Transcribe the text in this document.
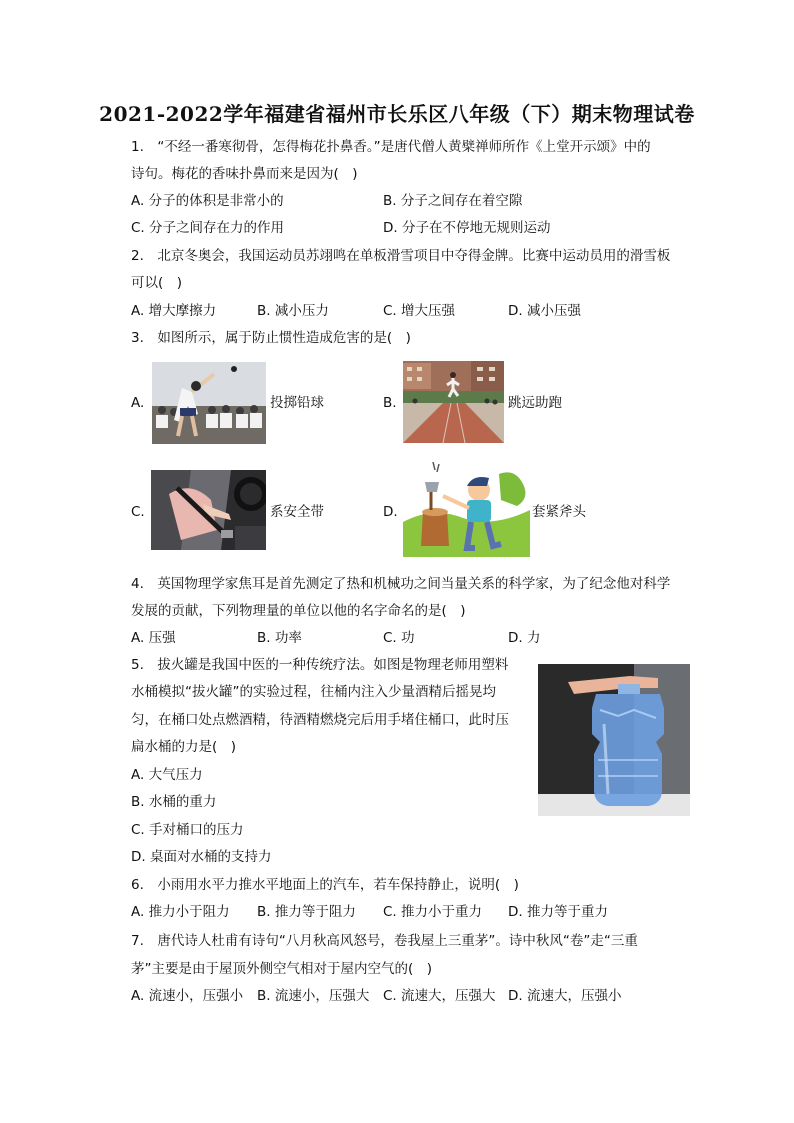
2021-2022学年福建省福州市长乐区八年级（下）期末物理试卷
1.　“不经一番寒彻骨，怎得梅花扑鼻香。”是唐代僧人黄檗禅师所作《上堂开示颂》中的
诗句。梅花的香味扑鼻而来是因为(　)
A. 分子的体积是非常小的	B. 分子之间存在着空隙
C. 分子之间存在力的作用	D. 分子在不停地无规则运动
2.　北京冬奥会，我国运动员苏翊鸣在单板滑雪项目中夺得金牌。比赛中运动员用的滑雪板
可以(　)
A. 增大摩擦力	B. 减小压力	C. 增大压强	D. 减小压强
3.　如图所示，属于防止惯性造成危害的是(　)
A.	投掷铅球	B.	跳远助跑
C.	系安全带	D.	套紧斧头
4.　英国物理学家焦耳是首先测定了热和机械功之间当量关系的科学家，为了纪念他对科学
发展的贡献，下列物理量的单位以他的名字命名的是(　)
A. 压强	B. 功率	C. 功	D. 力
5.　拔火罐是我国中医的一种传统疗法。如图是物理老师用塑料
水桶模拟“拔火罐”的实验过程，往桶内注入少量酒精后摇晃均
匀，在桶口处点燃酒精，待酒精燃烧完后用手堵住桶口，此时压
扁水桶的力是(　)
A. 大气压力
B. 水桶的重力
C. 手对桶口的压力
D. 桌面对水桶的支持力
6.　小雨用水平力推水平地面上的汽车，若车保持静止，说明(　)
A. 推力小于阻力 B. 推力等于阻力 C. 推力小于重力 D. 推力等于重力
7.　唐代诗人杜甫有诗句“八月秋高风怒号，卷我屋上三重茅”。诗中秋风“卷”走“三重
茅”主要是由于屋顶外侧空气相对于屋内空气的(　)
A. 流速小，压强小 B. 流速小，压强大 C. 流速大，压强大 D. 流速大，压强小
